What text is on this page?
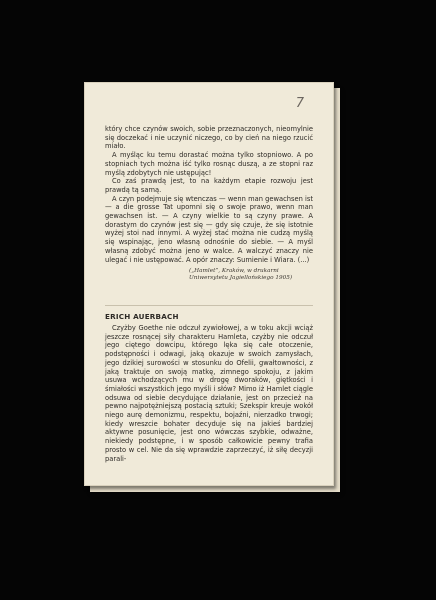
7

który chce czynów swoich, sobie przeznaczonych, nieomylnie się doczekać i nie uczynić niczego, co by cień na niego rzucić miało.

A myśląc ku temu dorastać można tylko stopniowo. A po stopniach tych można iść tylko rosnąc duszą, a ze stopni raz myślą zdobytych nie ustępując!

Co zaś prawdą jest, to na każdym etapie rozwoju jest prawdą tą samą.

A czyn podejmuje się wtenczas — wenn man gewachsen ist — a die grosse Tat upomni się o swoje prawo, wenn man gewachsen ist. — A czyny wielkie to są czyny prawe. A dorastym do czynów jest się — gdy się czuje, że się istotnie wyżej stoi nad innymi. A wyżej stać można nie cudzą myślą się wspinając, jeno własną odnośnie do siebie. — A myśl własną zdobyć można jeno w walce. A walczyć znaczy nie ulegać i nie ustępować. A opór znaczy: Sumienie i Wiara. (...)

(„Hamlet”, Kraków, w drukarni
Uniwersytetu Jagiellońskiego 1905)
ERICH AUERBACH

Czyżby Goethe nie odczuł zywiołowej, a w toku akcji wciąż jeszcze rosnącej siły charakteru Hamleta, czyżby nie odczuł jego ciętego dowcipu, którego lęka się całe otoczenie, podstępności i odwagi, jaką okazuje w swoich zamysłach, jego dzikiej surowości w stosunku do Ofelii, gwałtowności, z jaką traktuje on swoją matkę, zimnego spokoju, z jakim usuwa wchodzących mu w drogę dworaków, giętkości i śmiałości wszystkich jego myśli i słów? Mimo iż Hamlet ciągle odsuwa od siebie decydujące działanie, jest on przecież na pewno najpotężniejszą postacią sztuki; Szekspir kreuje wokół niego aurę demonizmu, respektu, bojaźni, nierzadko trwogi; kiedy wreszcie bohater decyduje się na jakieś bardziej aktywne posunięcie, jest ono wówczas szybkie, odważne, niekiedy podstępne, i w sposób całkowicie pewny trafia prosto w cel. Nie da się wprawdzie zaprzeczyć, iż siłę decyzji parali-
